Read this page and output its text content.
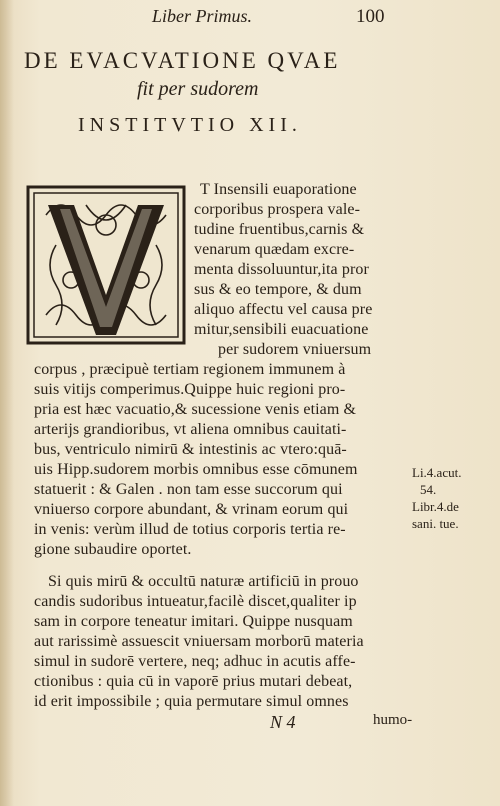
Liber Primus.	100
DE EVACVATIONE QVAE
fit per sudorem
INSTITVTIO XII.
T Insensili euaporatione
corporibus prospera vale-
tudine fruentibus,carnis &
venarum quædam excre-
menta dissoluuntur,ita pror
sus & eo tempore, & dum
aliquo affectu vel causa pre
mitur,sensibili euacuatione
per sudorem vniuersum
corpus , præcipuè tertiam regionem immunem à
suis vitijs comperimus.Quippe huic regioni pro-
pria est hæc vacuatio,& sucessione venis etiam &
arterijs grandioribus, vt aliena omnibus cauitati-
bus, ventriculo nimirū & intestinis ac vtero:quā-
uis Hipp.sudorem morbis omnibus esse cōmunem
statuerit : & Galen . non tam esse succorum qui
vniuerso corpore abundant, & vrinam eorum qui
in venis: verùm illud de totius corporis tertia re-
gione subaudire oportet.
Li.4.acut.
54.
Libr.4.de
sani. tue.
Si quis mirū & occultū naturæ artificiū in prouo
candis sudoribus intueatur,facilè discet,qualiter ip
sam in corpore teneatur imitari. Quippe nusquam
aut rarissimè assuescit vniuersam morborū materia
simul in sudorē vertere, neq; adhuc in acutis affe-
ctionibus : quia cū in vaporē prius mutari debeat,
id erit impossibile ; quia permutare simul omnes
N 4	humo-
